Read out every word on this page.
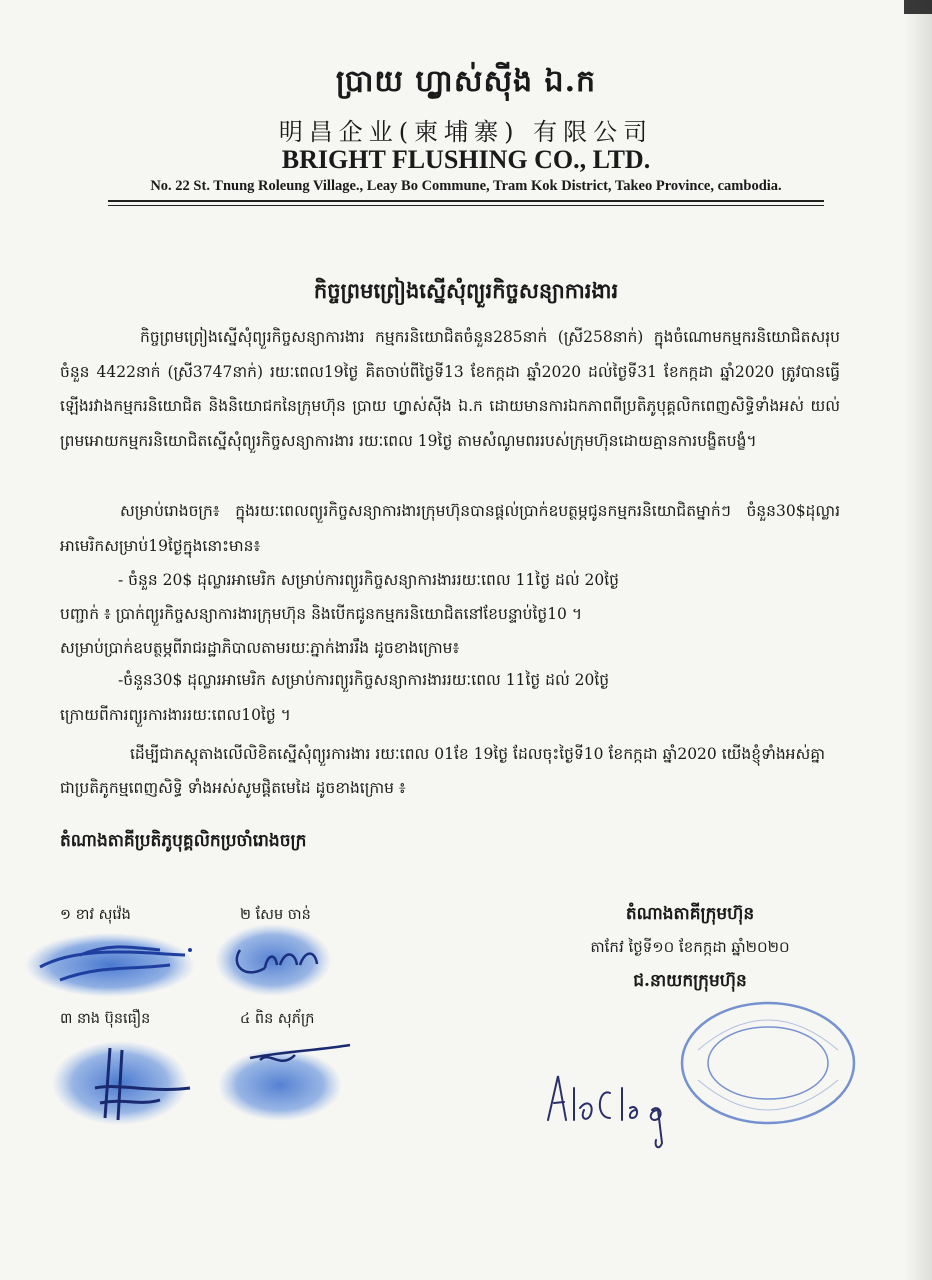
ប្រាយ ហ្វ្លាស់ស៊ីង ឯ.ក
明昌企业(柬埔寨) 有限公司
BRIGHT FLUSHING CO., LTD.
No. 22 St. Tnung Roleung Village., Leay Bo Commune, Tram Kok District, Takeo Province, cambodia.
កិច្ចព្រមព្រៀងស្នើសុំព្យួរកិច្ចសន្យាការងារ
កិច្ចព្រមព្រៀងស្នើសុំព្យួរកិច្ចសន្យាការងារ កម្មករនិយោជិតចំនួន285នាក់ (ស្រី258នាក់) ក្នុងចំណោមកម្មករនិយោជិតសរុបចំនួន 4422នាក់ (ស្រី3747នាក់) រយៈពេល19ថ្ងៃ គិតចាប់ពីថ្ងៃទី13 ខែកក្កដា ឆ្នាំ2020 ដល់ថ្ងៃទី31 ខែកក្កដា ឆ្នាំ2020 ត្រូវបានធ្វើឡើងរវាងកម្មករនិយោជិត និងនិយោជកនៃក្រុមហ៊ុន ប្រាយ ហ្វ្លាស់ស៊ីង ឯ.ក ដោយមានការឯកភាពពីប្រតិភូបុគ្គលិកពេញសិទ្ធិទាំងអស់ យល់ព្រមអោយកម្មករនិយោជិតស្នើសុំព្យួរកិច្ចសន្យាការងារ រយៈពេល 19ថ្ងៃ តាមសំណូមពររបស់ក្រុមហ៊ុនដោយគ្មានការបង្ខិតបង្ខំ។
សម្រាប់រោងចក្រ៖ ក្នុងរយៈពេលព្យួរកិច្ចសន្យាការងារក្រុមហ៊ុនបានផ្តល់ប្រាក់ឧបត្ថម្ភជូនកម្មករនិយោជិតម្នាក់ៗ ចំនួន30$ដុល្លារអាមេរិកសម្រាប់19ថ្ងៃក្នុងនោះមាន៖
- ចំនួន 20$ ដុល្លារអាមេរិក សម្រាប់ការព្យួរកិច្ចសន្យាការងាររយៈពេល 11ថ្ងៃ ដល់ 20ថ្ងៃ
បញ្ជាក់ ៖ ប្រាក់ព្យួរកិច្ចសន្យាការងារក្រុមហ៊ុន និងបើកជូនកម្មករនិយោជិតនៅខែបន្ទាប់ថ្ងៃ10 ។
សម្រាប់ប្រាក់ឧបត្ថម្ភពីរាជរដ្ឋាភិបាលតាមរយៈភ្នាក់ងាររឹង ដូចខាងក្រោម៖
-ចំនួន30$ ដុល្លារអាមេរិក សម្រាប់ការព្យួរកិច្ចសន្យាការងាររយៈពេល 11ថ្ងៃ ដល់ 20ថ្ងៃ
ក្រោយពីការព្យួរការងាររយៈពេល10ថ្ងៃ ។
ដើម្បីជាភស្តុតាងលើលិខិតស្នើសុំព្យួរការងារ រយៈពេល 01ខែ 19ថ្ងៃ ដែលចុះថ្ងៃទី10 ខែកក្កដា ឆ្នាំ2020 យើងខ្ញុំទាំងអស់គ្នា ជាប្រតិភូកម្មពេញសិទ្ធិ ទាំងអស់សូមផ្តិតមេដៃ ដូចខាងក្រោម ៖
តំណាងតាគីប្រតិភូបុគ្គលិកប្រចាំរោងចក្រ
១ ខាវ សុវ៉េង	២ សែម ចាន់
៣ នាង ប៊ុនធឿន	៤ ពិន សុភ័ក្រ
តំណាងតាគីក្រុមហ៊ុន
តាកែវ ថ្ងៃទី១០ ខែកក្កដា ឆ្នាំ២០២០
ជ.នាយកក្រុមហ៊ុន
